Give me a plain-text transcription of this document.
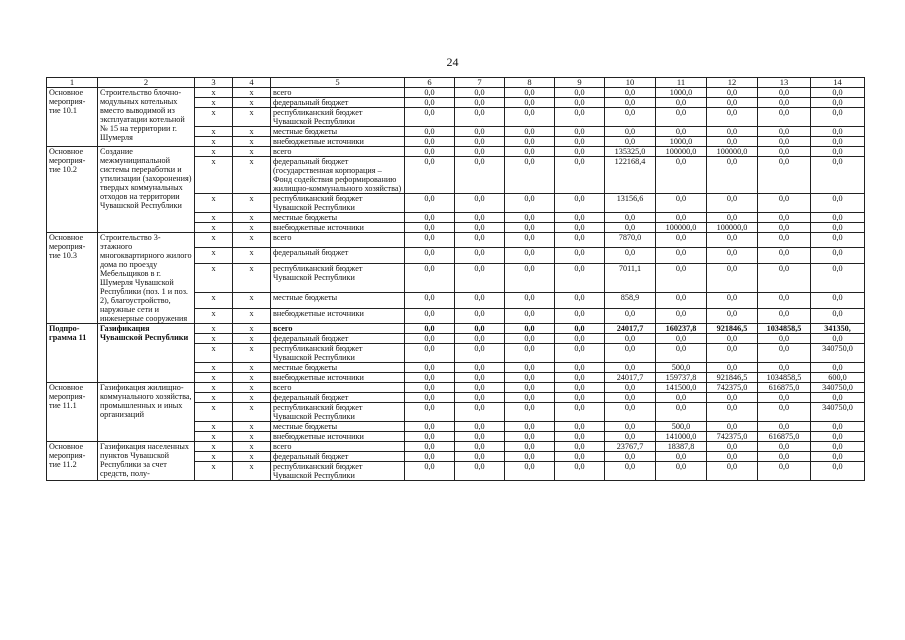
24
1	2	3	4	5	6	7	8	9	10	11	12	13	14
Основное мероприя-тие 10.1	Строительство блочно-модульных котельных вместо выводимой из эксплуатации котельной № 15 на территории г. Шумерля	х	х	всего	0,0	0,0	0,0	0,0	0,0	1000,0	0,0	0,0	0,0
		х	х	федеральный бюджет	0,0	0,0	0,0	0,0	0,0	0,0	0,0	0,0	0,0
		х	х	республиканский бюджет Чувашской Республики	0,0	0,0	0,0	0,0	0,0	0,0	0,0	0,0	0,0
		х	х	местные бюджеты	0,0	0,0	0,0	0,0	0,0	0,0	0,0	0,0	0,0
		х	х	внебюджетные источники	0,0	0,0	0,0	0,0	0,0	1000,0	0,0	0,0	0,0
Основное мероприя-тие 10.2	Создание межмуниципальной системы переработки и утилизации (захоронения) твердых коммунальных отходов на территории Чувашской Республики	х	х	всего	0,0	0,0	0,0	0,0	135325,0	100000,0	100000,0	0,0	0,0
		х	х	федеральный бюджет (государственная корпорация – Фонд содействия реформированию жилищно-коммунального хозяйства)	0,0	0,0	0,0	0,0	122168,4	0,0	0,0	0,0	0,0
		х	х	республиканский бюджет Чувашской Республики	0,0	0,0	0,0	0,0	13156,6	0,0	0,0	0,0	0,0
		х	х	местные бюджеты	0,0	0,0	0,0	0,0	0,0	0,0	0,0	0,0	0,0
		х	х	внебюджетные источники	0,0	0,0	0,0	0,0	0,0	100000,0	100000,0	0,0	0,0
Основное мероприя-тие 10.3	Строительство 3-этажного многоквартирного жилого дома по проезду Мебельщиков в г. Шумерля Чувашской Республики (поз. 1 и поз. 2), благоустройство, наружные сети и инженерные сооружения	х	х	всего	0,0	0,0	0,0	0,0	7870,0	0,0	0,0	0,0	0,0
		х	х	федеральный бюджет	0,0	0,0	0,0	0,0	0,0	0,0	0,0	0,0	0,0
		х	х	республиканский бюджет Чувашской Республики	0,0	0,0	0,0	0,0	7011,1	0,0	0,0	0,0	0,0
		х	х	местные бюджеты	0,0	0,0	0,0	0,0	858,9	0,0	0,0	0,0	0,0
		х	х	внебюджетные источники	0,0	0,0	0,0	0,0	0,0	0,0	0,0	0,0	0,0
Подпро-грамма 11	Газификация Чувашской Республики	х	х	всего	0,0	0,0	0,0	0,0	24017,7	160237,8	921846,5	1034858,5	341350,
		х	х	федеральный бюджет	0,0	0,0	0,0	0,0	0,0	0,0	0,0	0,0	0,0
		х	х	республиканский бюджет Чувашской Республики	0,0	0,0	0,0	0,0	0,0	0,0	0,0	0,0	340750,0
		х	х	местные бюджеты	0,0	0,0	0,0	0,0	0,0	500,0	0,0	0,0	0,0
		х	х	внебюджетные источники	0,0	0,0	0,0	0,0	24017,7	159737,8	921846,5	1034858,5	600,0
Основное мероприя-тие 11.1	Газификация жилищно-коммунального хозяйства, промышленных и иных организаций	х	х	всего	0,0	0,0	0,0	0,0	0,0	141500,0	742375,0	616875,0	340750,0
		х	х	федеральный бюджет	0,0	0,0	0,0	0,0	0,0	0,0	0,0	0,0	0,0
		х	х	республиканский бюджет Чувашской Республики	0,0	0,0	0,0	0,0	0,0	0,0	0,0	0,0	340750,0
		х	х	местные бюджеты	0,0	0,0	0,0	0,0	0,0	500,0	0,0	0,0	0,0
		х	х	внебюджетные источники	0,0	0,0	0,0	0,0	0,0	141000,0	742375,0	616875,0	0,0
Основное мероприя-тие 11.2	Газификация населенных пунктов Чувашской Республики за счет средств, полу-	х	х	всего	0,0	0,0	0,0	0,0	23767,7	18387,8	0,0	0,0	0,0
		х	х	федеральный бюджет	0,0	0,0	0,0	0,0	0,0	0,0	0,0	0,0	0,0
		х	х	республиканский бюджет Чувашской Республики	0,0	0,0	0,0	0,0	0,0	0,0	0,0	0,0	0,0
